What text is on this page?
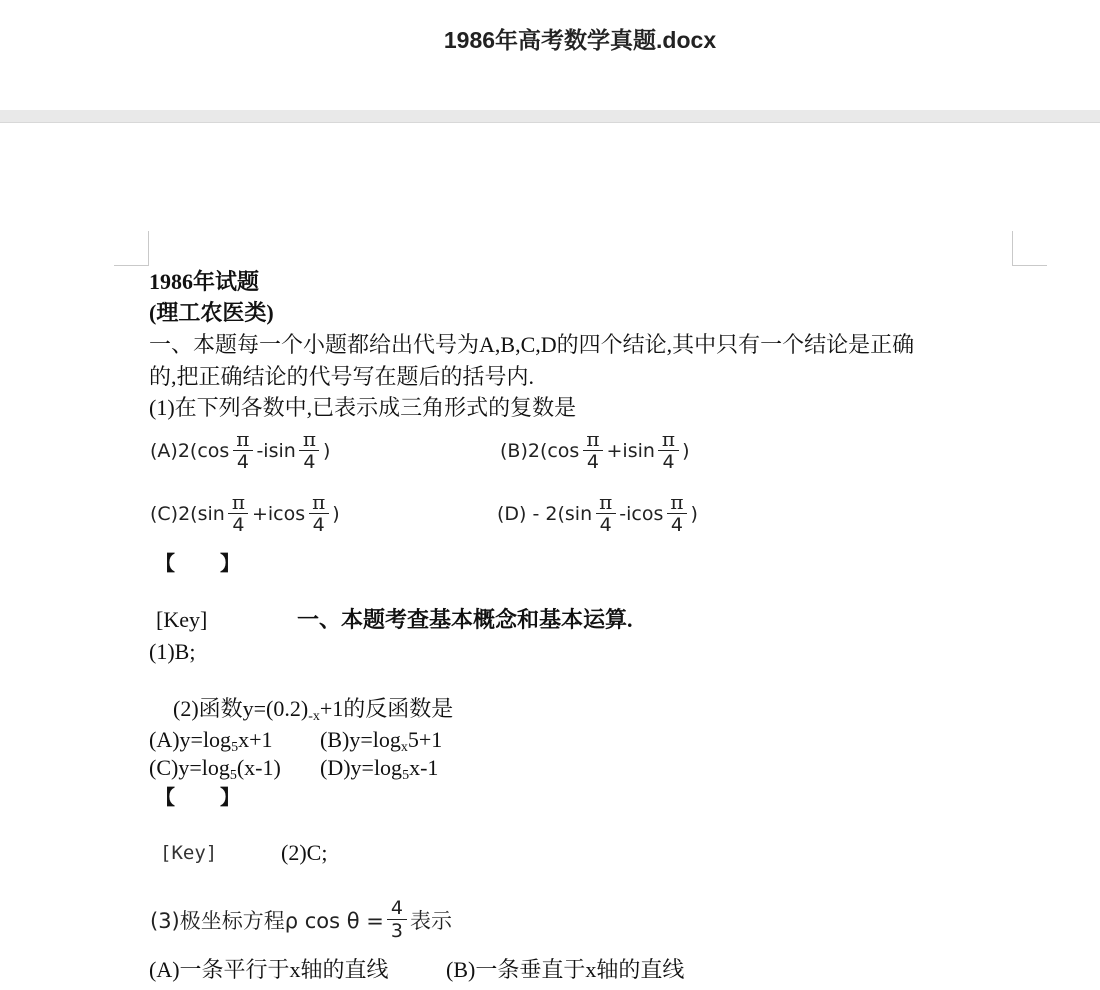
1986年高考数学真题.docx
1986年试题
(理工农医类)
一、本题每一个小题都给出代号为A,B,C,D的四个结论,其中只有一个结论是正确
的,把正确结论的代号写在题后的括号内.
(1)在下列各数中,已表示成三角形式的复数是
$(A)2(\cos \frac{\pi}{4} -isin \frac{\pi}{4}$ )	$(B)2(\cos \frac{\pi}{4} +isin \frac{\pi}{4}$ )
$(C)2(\sin \frac{\pi}{4} +icos \frac{\pi}{4}$ )	$(D) - 2(\sin \frac{\pi}{4} -icos \frac{\pi}{4}$ )
【 】
[Key]	一、本题考查基本概念和基本运算.
(1)B;
(2)函数y=(0.2)-x+1的反函数是
(A)y=log5x+1 (B)y=logx5+1
(C)y=log5(x-1) (D)y=log5x-1
【 】
[Key]	(2)C;
(3)极坐标方程ρ $\cos \theta = \frac{4}{3}$ 表示
(A)一条平行于x轴的直线	(B)一条垂直于x轴的直线
